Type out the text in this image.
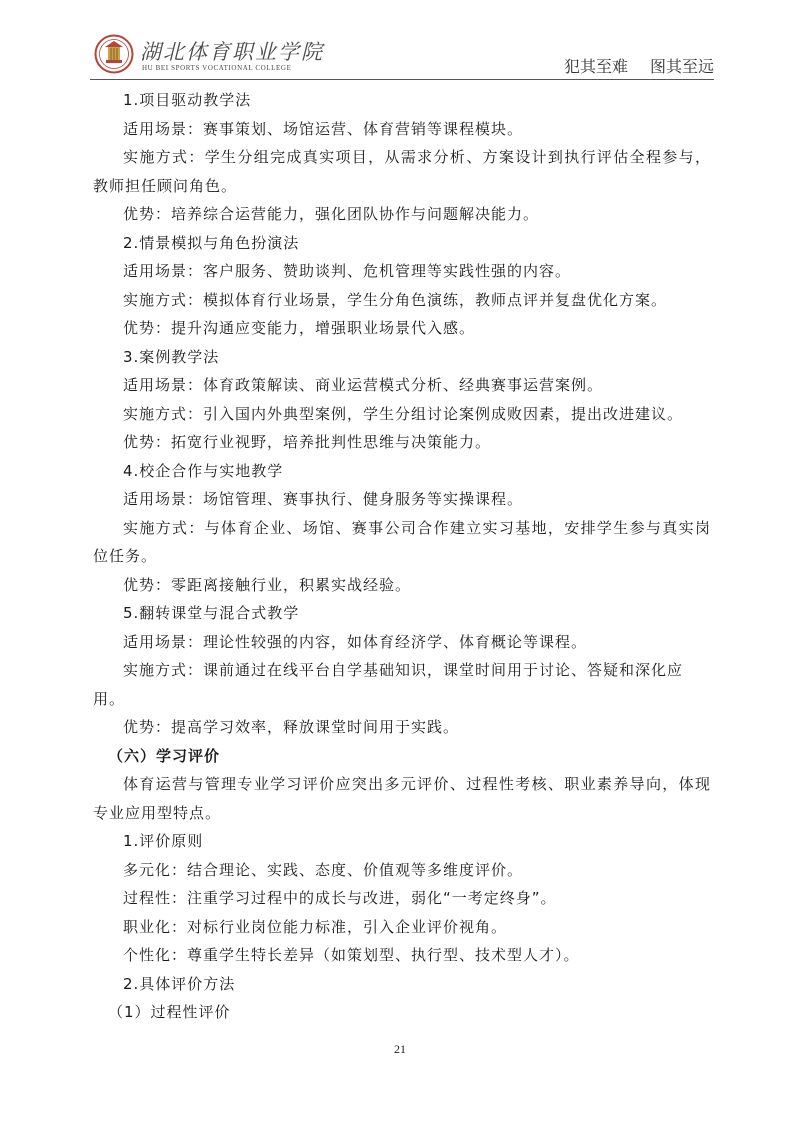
湖北体育职业学院
HU BEI SPORTS VOCATIONAL COLLEGE	犯其至难 图其至远

1.项目驱动教学法

适用场景：赛事策划、场馆运营、体育营销等课程模块。

实施方式：学生分组完成真实项目，从需求分析、方案设计到执行评估全程参与，教师担任顾问角色。

优势：培养综合运营能力，强化团队协作与问题解决能力。

2.情景模拟与角色扮演法

适用场景：客户服务、赞助谈判、危机管理等实践性强的内容。

实施方式：模拟体育行业场景，学生分角色演练，教师点评并复盘优化方案。

优势：提升沟通应变能力，增强职业场景代入感。

3.案例教学法

适用场景：体育政策解读、商业运营模式分析、经典赛事运营案例。

实施方式：引入国内外典型案例，学生分组讨论案例成败因素，提出改进建议。

优势：拓宽行业视野，培养批判性思维与决策能力。

4.校企合作与实地教学

适用场景：场馆管理、赛事执行、健身服务等实操课程。

实施方式：与体育企业、场馆、赛事公司合作建立实习基地，安排学生参与真实岗位任务。

优势：零距离接触行业，积累实战经验。

5.翻转课堂与混合式教学

适用场景：理论性较强的内容，如体育经济学、体育概论等课程。

实施方式：课前通过在线平台自学基础知识，课堂时间用于讨论、答疑和深化应用。

优势：提高学习效率，释放课堂时间用于实践。

（六）学习评价

体育运营与管理专业学习评价应突出多元评价、过程性考核、职业素养导向，体现专业应用型特点。

1.评价原则

多元化：结合理论、实践、态度、价值观等多维度评价。

过程性：注重学习过程中的成长与改进，弱化“一考定终身”。

职业化：对标行业岗位能力标准，引入企业评价视角。

个性化：尊重学生特长差异（如策划型、执行型、技术型人才）。

2.具体评价方法

（1）过程性评价

21
